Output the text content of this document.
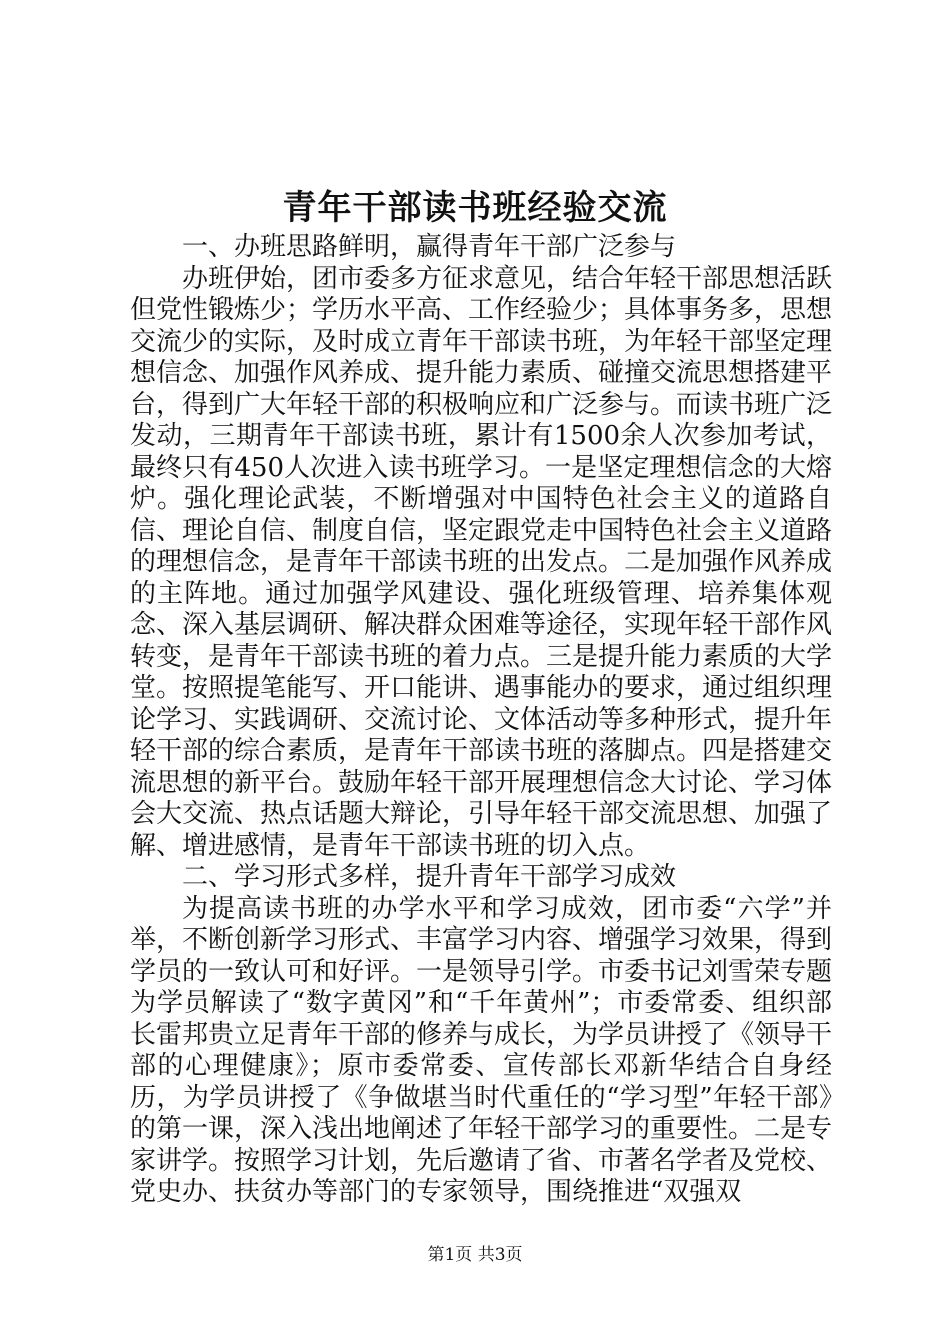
青年干部读书班经验交流

一、办班思路鲜明，赢得青年干部广泛参与

办班伊始，团市委多方征求意见，结合年轻干部思想活跃但党性锻炼少；学历水平高、工作经验少；具体事务多，思想交流少的实际，及时成立青年干部读书班，为年轻干部坚定理想信念、加强作风养成、提升能力素质、碰撞交流思想搭建平台，得到广大年轻干部的积极响应和广泛参与。而读书班广泛发动，三期青年干部读书班，累计有1500余人次参加考试，最终只有450人次进入读书班学习。一是坚定理想信念的大熔炉。强化理论武装，不断增强对中国特色社会主义的道路自信、理论自信、制度自信，坚定跟党走中国特色社会主义道路的理想信念，是青年干部读书班的出发点。二是加强作风养成的主阵地。通过加强学风建设、强化班级管理、培养集体观念、深入基层调研、解决群众困难等途径，实现年轻干部作风转变，是青年干部读书班的着力点。三是提升能力素质的大学堂。按照提笔能写、开口能讲、遇事能办的要求，通过组织理论学习、实践调研、交流讨论、文体活动等多种形式，提升年轻干部的综合素质，是青年干部读书班的落脚点。四是搭建交流思想的新平台。鼓励年轻干部开展理想信念大讨论、学习体会大交流、热点话题大辩论，引导年轻干部交流思想、加强了解、增进感情，是青年干部读书班的切入点。

二、学习形式多样，提升青年干部学习成效

为提高读书班的办学水平和学习成效，团市委“六学”并举，不断创新学习形式、丰富学习内容、增强学习效果，得到学员的一致认可和好评。一是领导引学。市委书记刘雪荣专题为学员解读了“数字黄冈”和“千年黄州”；市委常委、组织部长雷邦贵立足青年干部的修养与成长，为学员讲授了《领导干部的心理健康》；原市委常委、宣传部长邓新华结合自身经历，为学员讲授了《争做堪当时代重任的“学习型”年轻干部》的第一课，深入浅出地阐述了年轻干部学习的重要性。二是专家讲学。按照学习计划，先后邀请了省、市著名学者及党校、党史办、扶贫办等部门的专家领导，围绕推进“双强双

第1页 共3页
